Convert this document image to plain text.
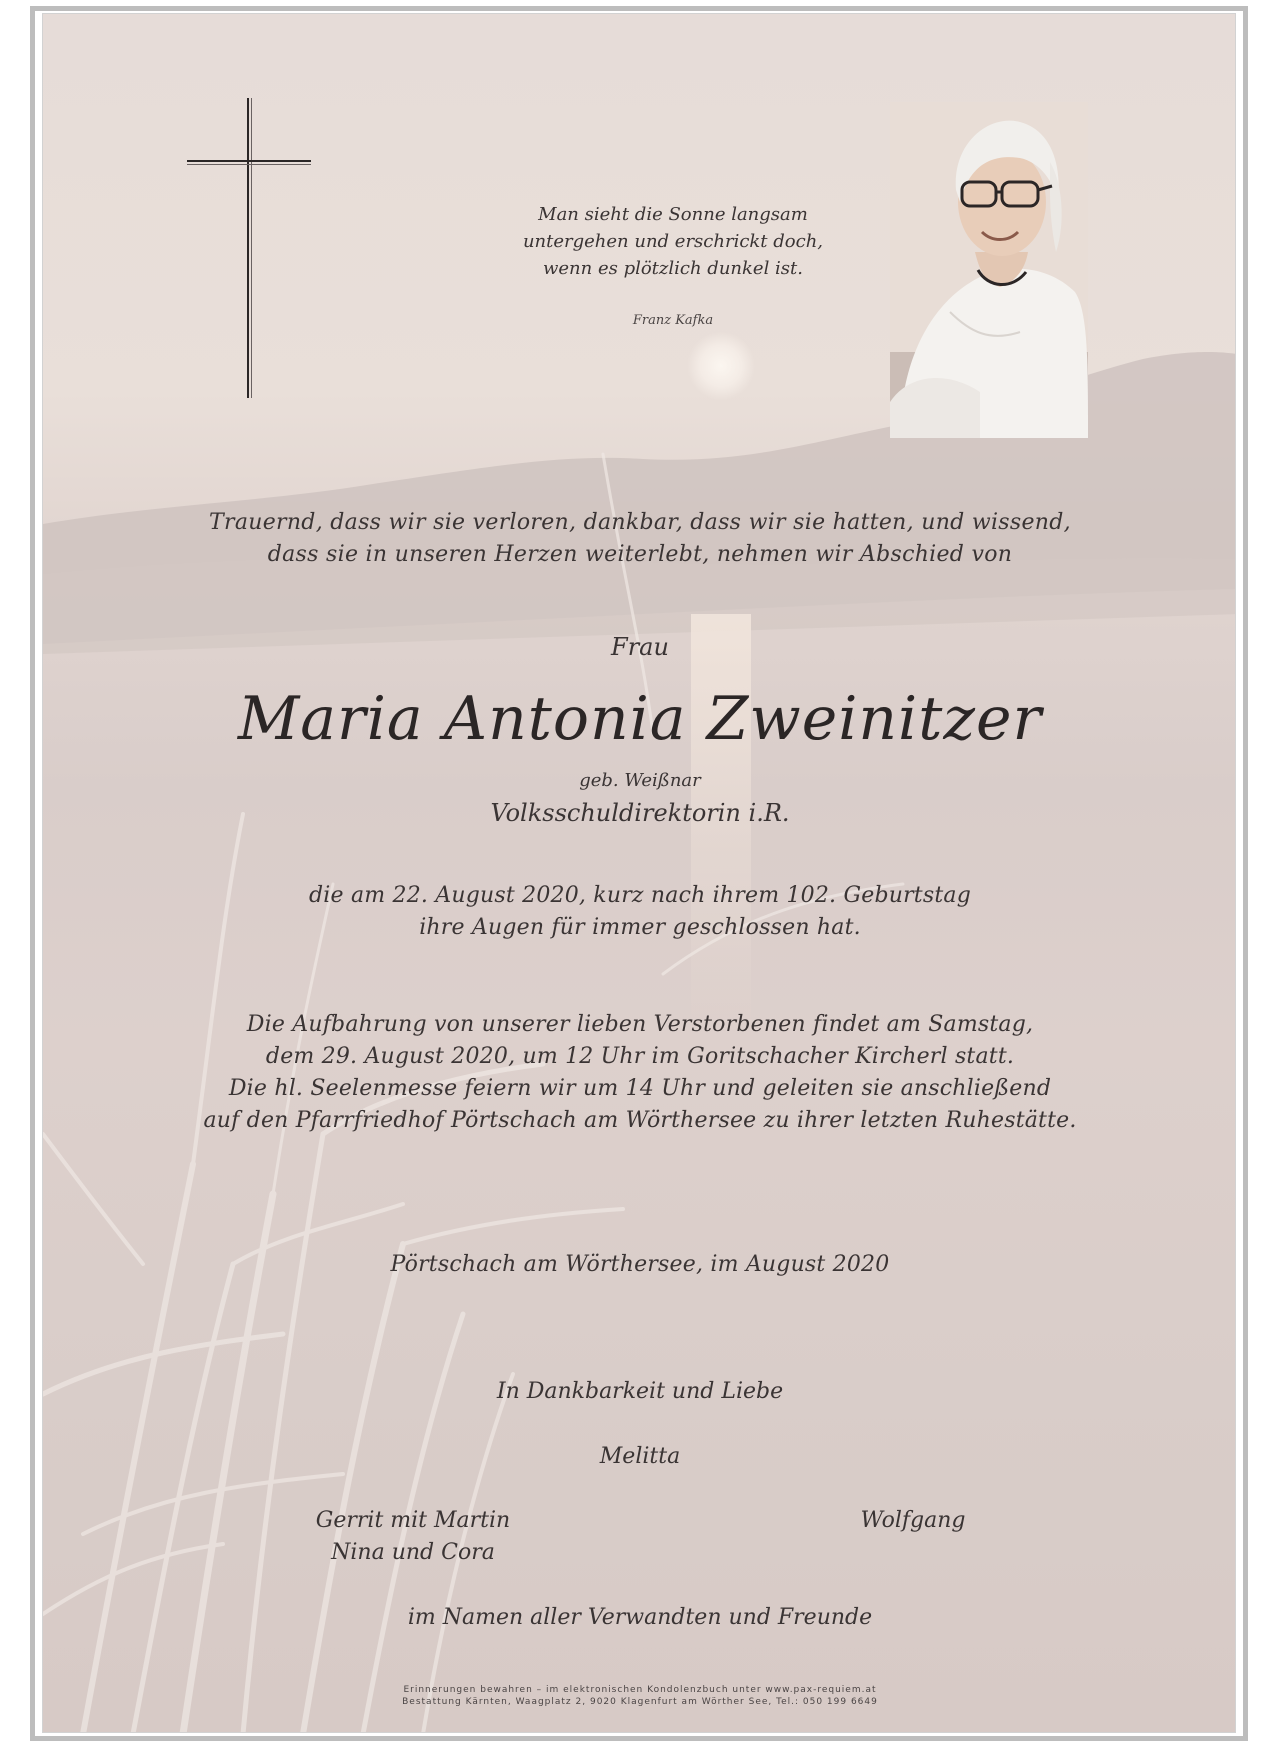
Man sieht die Sonne langsam
untergehen und erschrickt doch,
wenn es plötzlich dunkel ist.
Franz Kafka
Trauernd, dass wir sie verloren, dankbar, dass wir sie hatten, und wissend,
dass sie in unseren Herzen weiterlebt, nehmen wir Abschied von
Frau
Maria Antonia Zweinitzer
geb. Weißnar
Volksschuldirektorin i.R.
die am 22. August 2020, kurz nach ihrem 102. Geburtstag
ihre Augen für immer geschlossen hat.
Die Aufbahrung von unserer lieben Verstorbenen findet am Samstag,
dem 29. August 2020, um 12 Uhr im Goritschacher Kircherl statt.
Die hl. Seelenmesse feiern wir um 14 Uhr und geleiten sie anschließend
auf den Pfarrfriedhof Pörtschach am Wörthersee zu ihrer letzten Ruhestätte.
Pörtschach am Wörthersee, im August 2020
In Dankbarkeit und Liebe
Melitta
Gerrit mit Martin
Nina und Cora
Wolfgang
im Namen aller Verwandten und Freunde
Erinnerungen bewahren – im elektronischen Kondolenzbuch unter www.pax-requiem.at
Bestattung Kärnten, Waagplatz 2, 9020 Klagenfurt am Wörther See, Tel.: 050 199 6649
